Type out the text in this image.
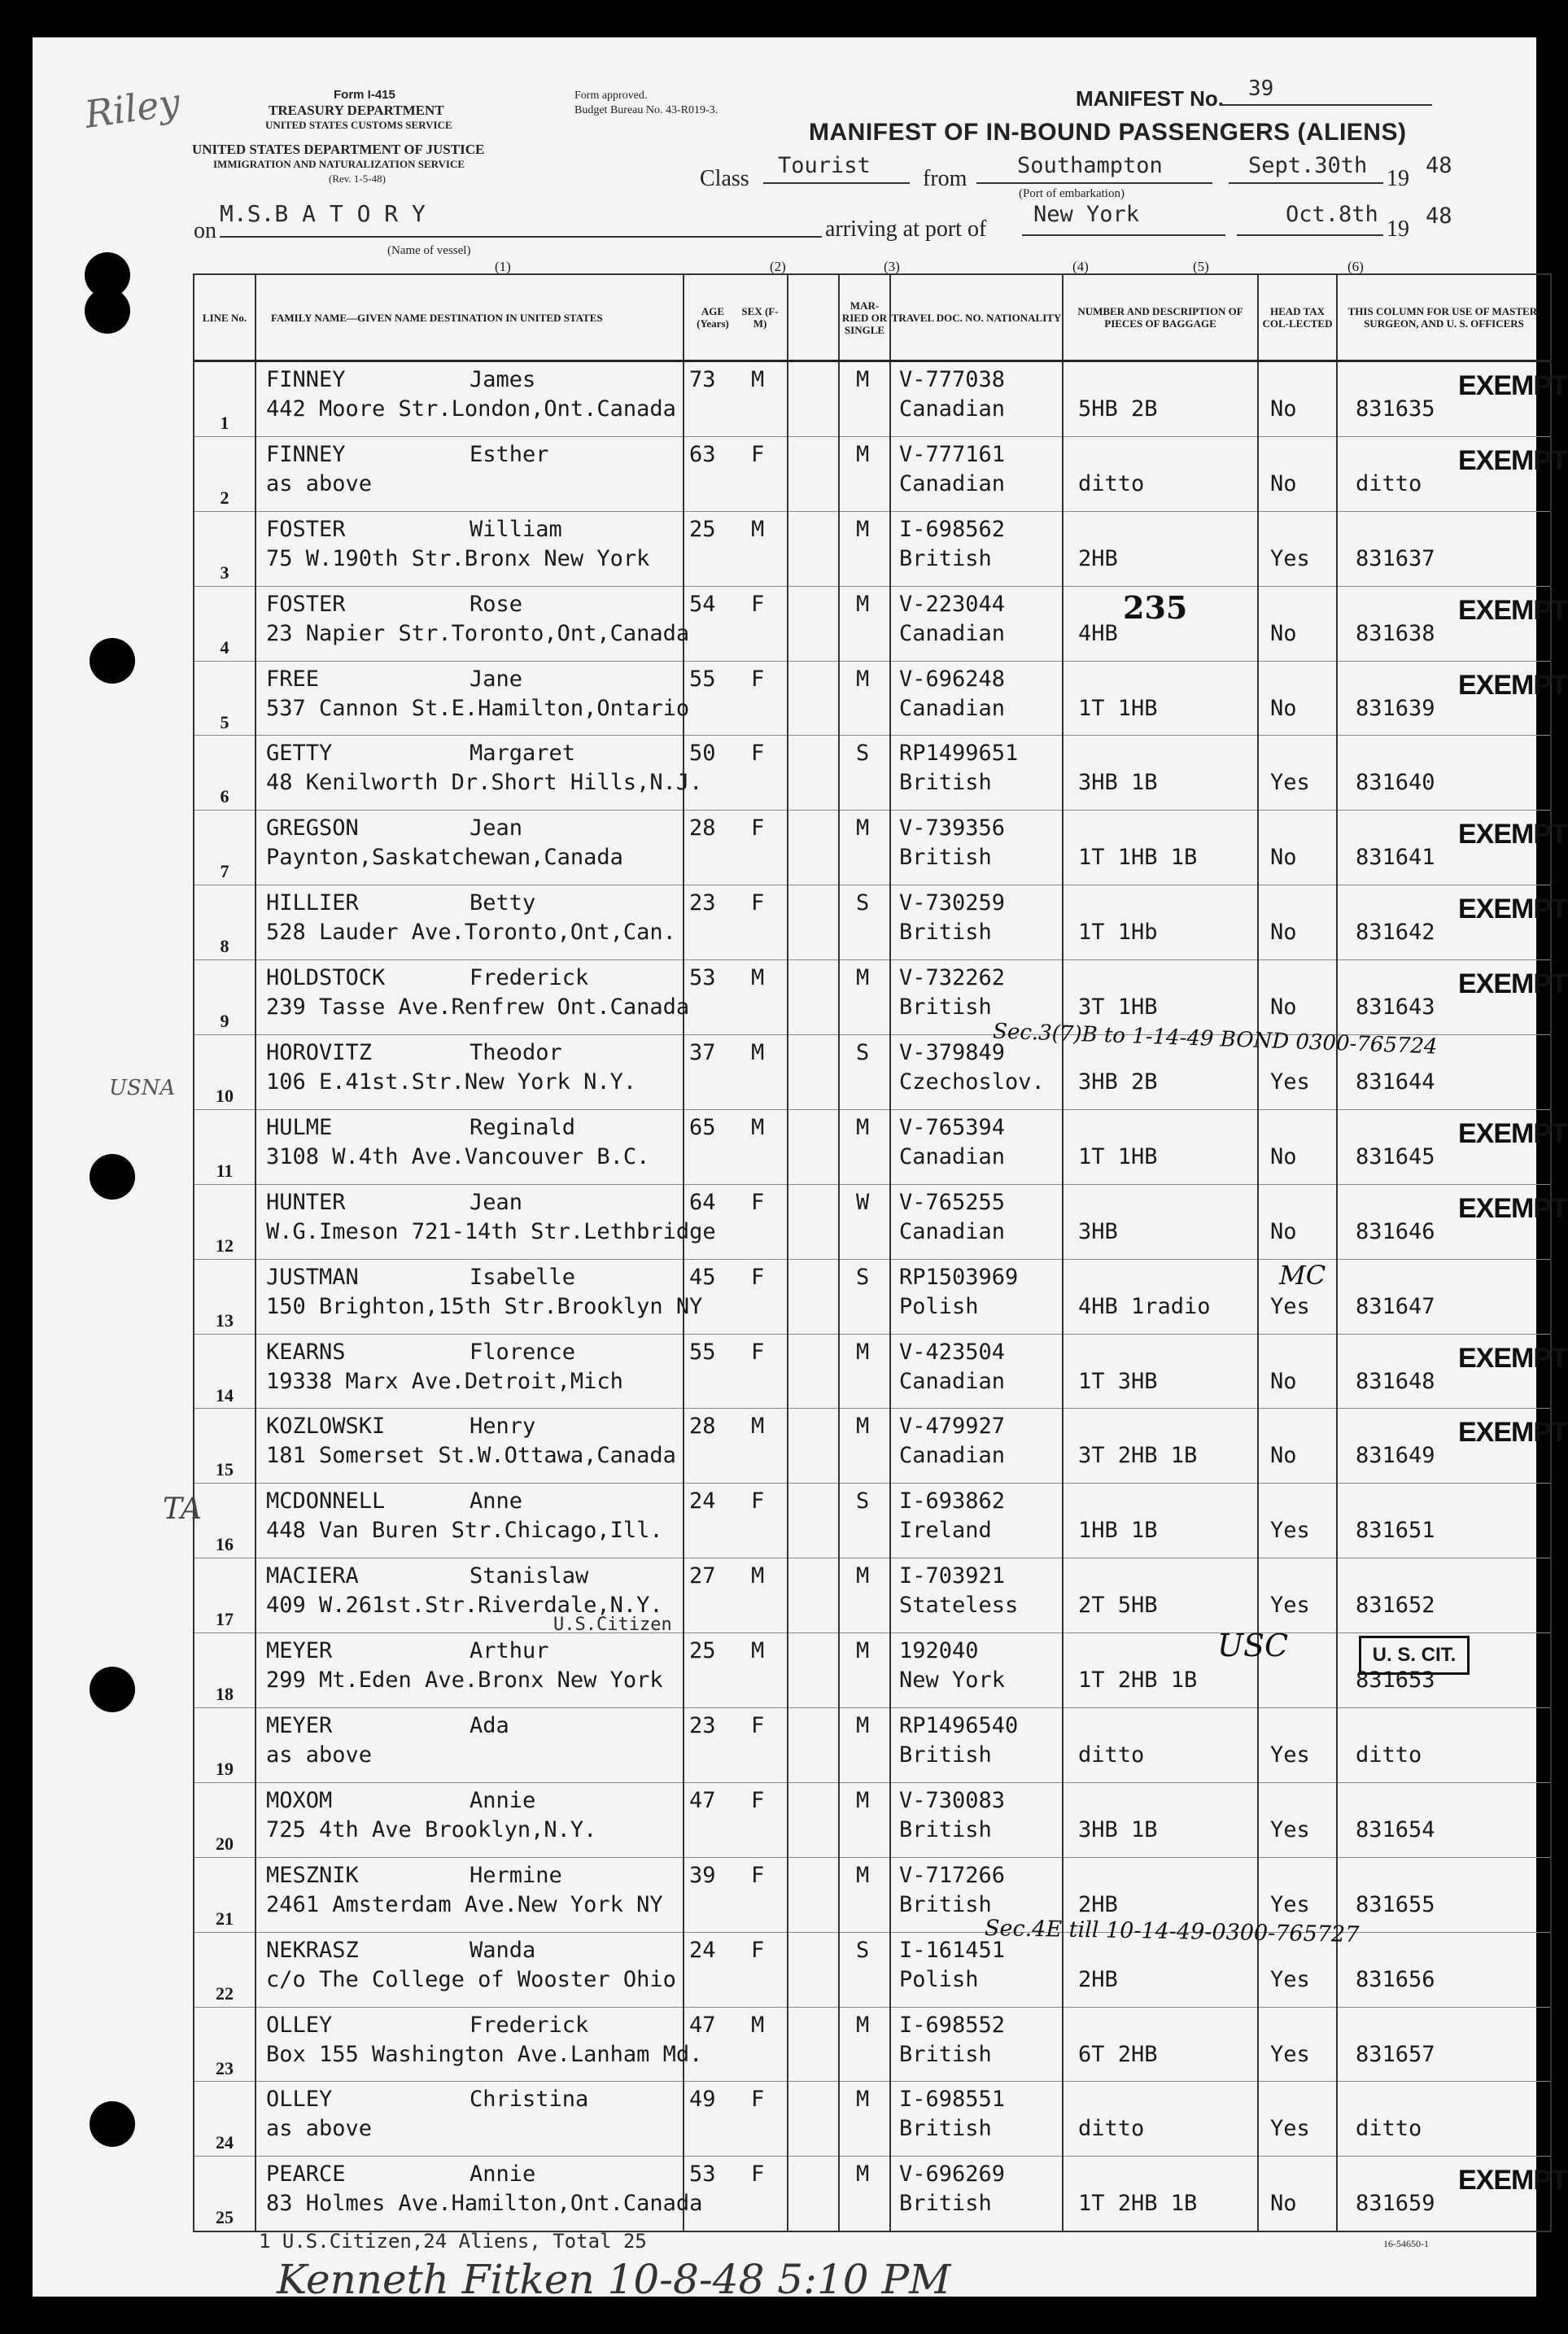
Riley	Form I-415
TREASURY DEPARTMENT
UNITED STATES CUSTOMS SERVICE
UNITED STATES DEPARTMENT OF JUSTICE
IMMIGRATION AND NATURALIZATION SERVICE
(Rev. 1-5-48)
Form approved.
Budget Bureau No. 43-R019-3.	MANIFEST No. 39
MANIFEST OF IN-BOUND PASSENGERS (ALIENS)
Class
Tourist
from
Southampton
(Port of embarkation)
Sept.30th
19
48
on
M.S.B A T O R Y
(Name of vessel)
arriving at port of
New York	Oct.8th
19
48
(1)	(2)	(3)	(4)	(5)	(6)
LINE No.	FAMILY NAME—GIVEN NAME DESTINATION IN UNITED STATES	AGE (Years)SEX (F-M)		MAR-RIED OR SINGLE	TRAVEL DOC. NO. NATIONALITY	NUMBER AND DESCRIPTION OF PIECES OF BAGGAGE	HEAD TAX COL-LECTED	THIS COLUMN FOR USE OF MASTER, SURGEON, AND U. S. OFFICERS

1	FINNEY James
442 Moore Str.London,Ont.Canada	73 M		M	V-777038
Canadian	5HB 2B	No	831635
EXEMPT

2	FINNEY Esther
as above	63 F		M	V-777161
Canadian	ditto	No	ditto
EXEMPT

3	FOSTER William
75 W.190th Str.Bronx New York	25 M		M	I-698562
British	2HB	Yes	831637

4	FOSTER Rose
23 Napier Str.Toronto,Ont,Canada	54 F		M	V-223044
Canadian	4HB	No	831638
EXEMPT

5	FREE Jane
537 Cannon St.E.Hamilton,Ontario	55 F		M	V-696248
Canadian	1T 1HB	No	831639
EXEMPT

6	GETTY Margaret
48 Kenilworth Dr.Short Hills,N.J.	50 F		S	RP1499651
British	3HB 1B	Yes	831640

7	GREGSON Jean
Paynton,Saskatchewan,Canada	28 F		M	V-739356
British	1T 1HB 1B	No	831641
EXEMPT

8	HILLIER Betty
528 Lauder Ave.Toronto,Ont,Can.	23 F		S	V-730259
British	1T 1Hb	No	831642
EXEMPT

9	HOLDSTOCK Frederick
239 Tasse Ave.Renfrew Ont.Canada	53 M		M	V-732262
British	3T 1HB	No	831643
EXEMPT

10	HOROVITZ Theodor
106 E.41st.Str.New York N.Y.	37 M		S	V-379849
Czechoslov.	3HB 2B	Yes	831644

11	HULME Reginald
3108 W.4th Ave.Vancouver B.C.	65 M		M	V-765394
Canadian	1T 1HB	No	831645
EXEMPT

12	HUNTER Jean
W.G.Imeson 721-14th Str.Lethbridge	64 F		W	V-765255
Canadian	3HB	No	831646
EXEMPT

13	JUSTMAN Isabelle
150 Brighton,15th Str.Brooklyn NY	45 F		S	RP1503969
Polish	4HB 1radio	Yes	831647

14	KEARNS Florence
19338 Marx Ave.Detroit,Mich	55 F		M	V-423504
Canadian	1T 3HB	No	831648
EXEMPT

15	KOZLOWSKI Henry
181 Somerset St.W.Ottawa,Canada	28 M		M	V-479927
Canadian	3T 2HB 1B	No	831649
EXEMPT

16	MCDONNELL Anne
448 Van Buren Str.Chicago,Ill.	24 F		S	I-693862
Ireland	1HB 1B	Yes	831651

17	MACIERA Stanislaw
409 W.261st.Str.Riverdale,N.Y.	27 M		M	I-703921
Stateless	2T 5HB	Yes	831652

18	MEYER Arthur
299 Mt.Eden Ave.Bronx New York	25 M		M	192040
New York	1T 2HB 1B		831653

19	MEYER Ada
as above	23 F		M	RP1496540
British	ditto	Yes	ditto

20	MOXOM Annie
725 4th Ave Brooklyn,N.Y.	47 F		M	V-730083
British	3HB 1B	Yes	831654

21	MESZNIK Hermine
2461 Amsterdam Ave.New York NY	39 F		M	V-717266
British	2HB	Yes	831655

22	NEKRASZ Wanda
c/o The College of Wooster Ohio	24 F		S	I-161451
Polish	2HB	Yes	831656

23	OLLEY Frederick
Box 155 Washington Ave.Lanham Md.	47 M		M	I-698552
British	6T 2HB	Yes	831657

24	OLLEY Christina
as above	49 F		M	I-698551
British	ditto	Yes	ditto

25	PEARCE Annie
83 Holmes Ave.Hamilton,Ont.Canada	53 F		M	V-696269
British	1T 2HB 1B	No	831659
EXEMPT
Sec.3(7)B to 1-14-49 BOND 0300-765724
Sec.4E till 10-14-49-0300-765727
USNA
TA
MC
235
USC
U.S.Citizen
U. S. CIT.
1 U.S.Citizen,24 Aliens, Total 25	16-54650-1
Kenneth Fitken 10-8-48 5:10 PM
